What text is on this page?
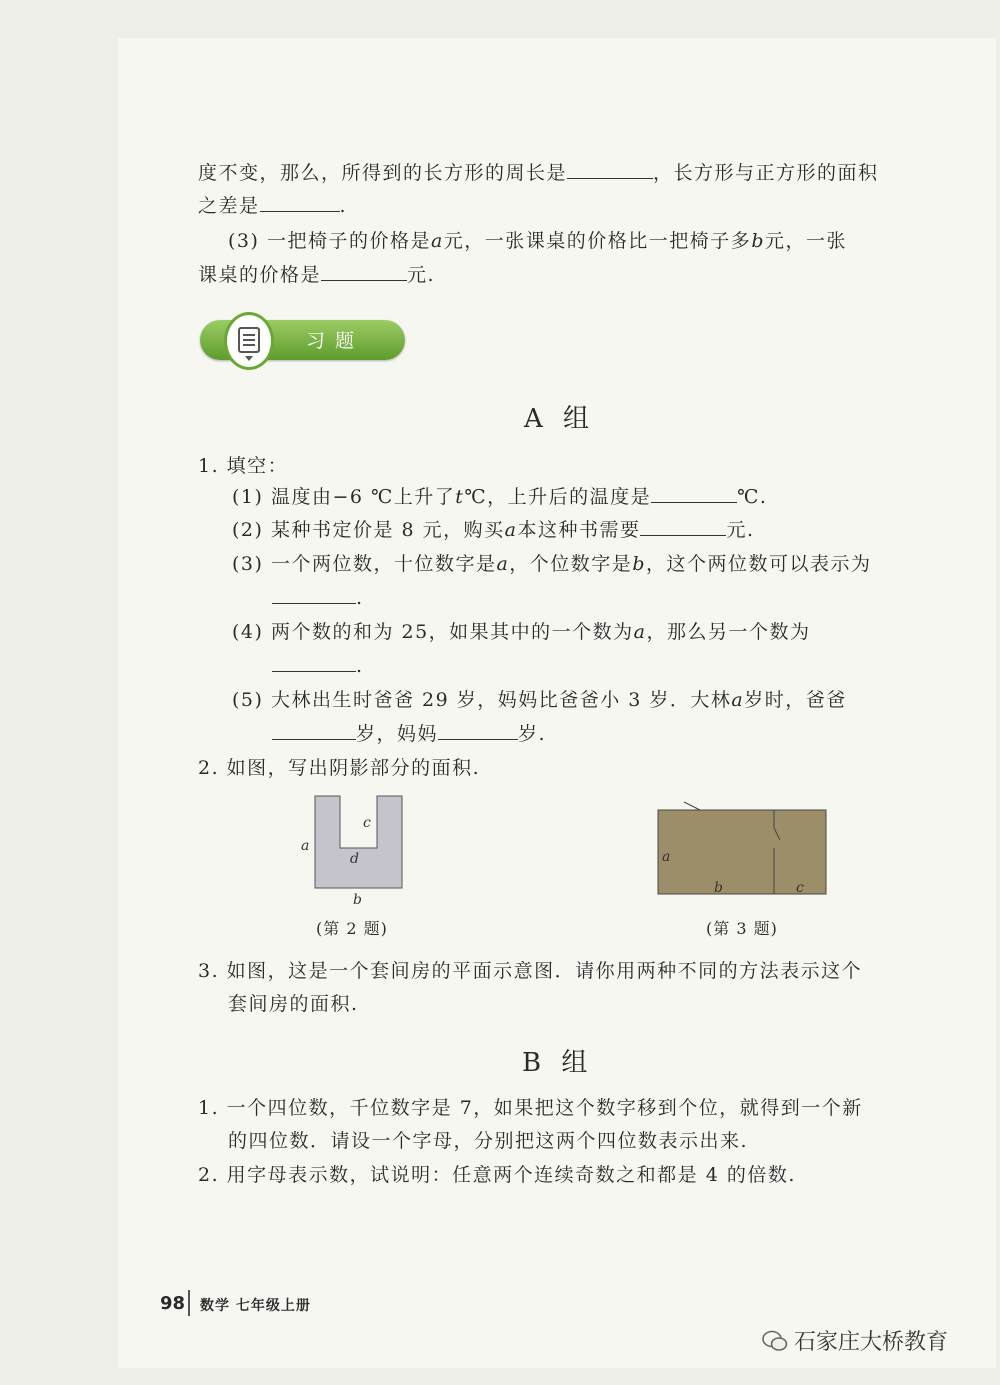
度不变，那么，所得到的长方形的周长是	，长方形与正方形的面积
之差是	.
(3) 一把椅子的价格是a元，一张课桌的价格比一把椅子多b元，一张
课桌的价格是	元.
习题
A 组
1. 填空：
(1) 温度由−6 ℃上升了t℃，上升后的温度是	℃.
(2) 某种书定价是 8 元，购买a本这种书需要	元.
(3) 一个两位数，十位数字是a，个位数字是b，这个两位数可以表示为
.
(4) 两个数的和为 25，如果其中的一个数为a，那么另一个数为
.
(5) 大林出生时爸爸 29 岁，妈妈比爸爸小 3 岁．大林a岁时，爸爸
岁，妈妈	岁.
2. 如图，写出阴影部分的面积.
a
b
c
d
(第 2 题)
a
b	c
(第 3 题)
3. 如图，这是一个套间房的平面示意图．请你用两种不同的方法表示这个
套间房的面积.
B 组
1. 一个四位数，千位数字是 7，如果把这个数字移到个位，就得到一个新
的四位数．请设一个字母，分别把这两个四位数表示出来.
2. 用字母表示数，试说明：任意两个连续奇数之和都是 4 的倍数.
98 数学 七年级上册
石家庄大桥教育
